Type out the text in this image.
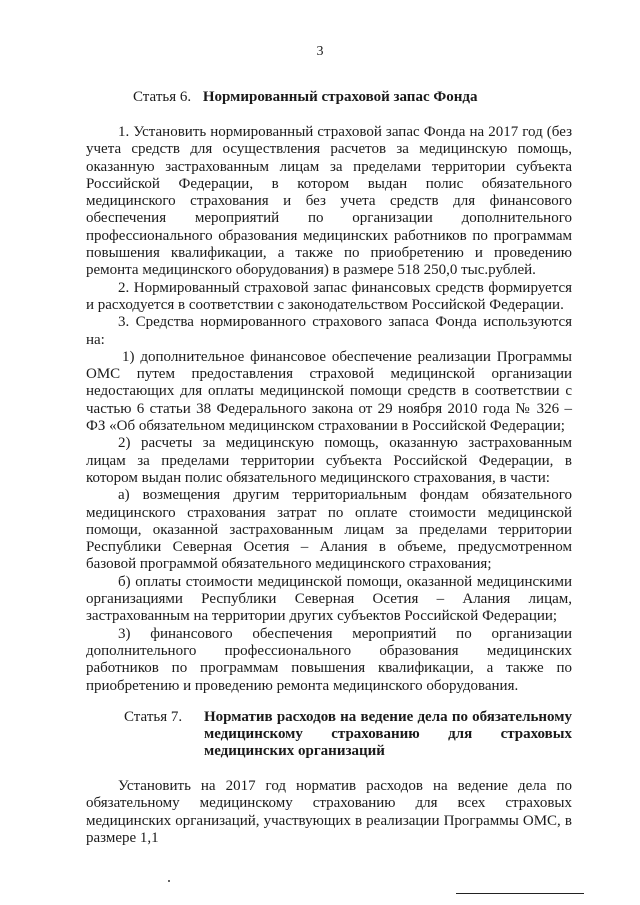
3
Статья 6. Нормированный страховой запас Фонда

1. Установить нормированный страховой запас Фонда на 2017 год (без учета средств для осуществления расчетов за медицинскую помощь, оказанную застрахованным лицам за пределами территории субъекта Российской Федерации, в котором выдан полис обязательного медицинского страхования и без учета средств для финансового обеспечения мероприятий по организации дополнительного профессионального образования медицинских работников по программам повышения квалификации, а также по приобретению и проведению ремонта медицинского оборудования) в размере 518 250,0 тыс.рублей.

2. Нормированный страховой запас финансовых средств формируется и расходуется в соответствии с законодательством Российской Федерации.

3. Средства нормированного страхового запаса Фонда используются на:

1) дополнительное финансовое обеспечение реализации Программы ОМС путем предоставления страховой медицинской организации недостающих для оплаты медицинской помощи средств в соответствии с частью 6 статьи 38 Федерального закона от 29 ноября 2010 года № 326 – ФЗ «Об обязательном медицинском страховании в Российской Федерации;

2) расчеты за медицинскую помощь, оказанную застрахованным лицам за пределами территории субъекта Российской Федерации, в котором выдан полис обязательного медицинского страхования, в части:

а) возмещения другим территориальным фондам обязательного медицинского страхования затрат по оплате стоимости медицинской помощи, оказанной застрахованным лицам за пределами территории Республики Северная Осетия – Алания в объеме, предусмотренном базовой программой обязательного медицинского страхования;

б) оплаты стоимости медицинской помощи, оказанной медицинскими организациями Республики Северная Осетия – Алания лицам, застрахованным на территории других субъектов Российской Федерации;

3) финансового обеспечения мероприятий по организации дополнительного профессионального образования медицинских работников по программам повышения квалификации, а также по приобретению и проведению ремонта медицинского оборудования.

Статья 7. Норматив расходов на ведение дела по обязательному медицинскому страхованию для страховых медицинских организаций

Установить на 2017 год норматив расходов на ведение дела по обязательному медицинскому страхованию для всех страховых медицинских организаций, участвующих в реализации Программы ОМС, в размере 1,1
